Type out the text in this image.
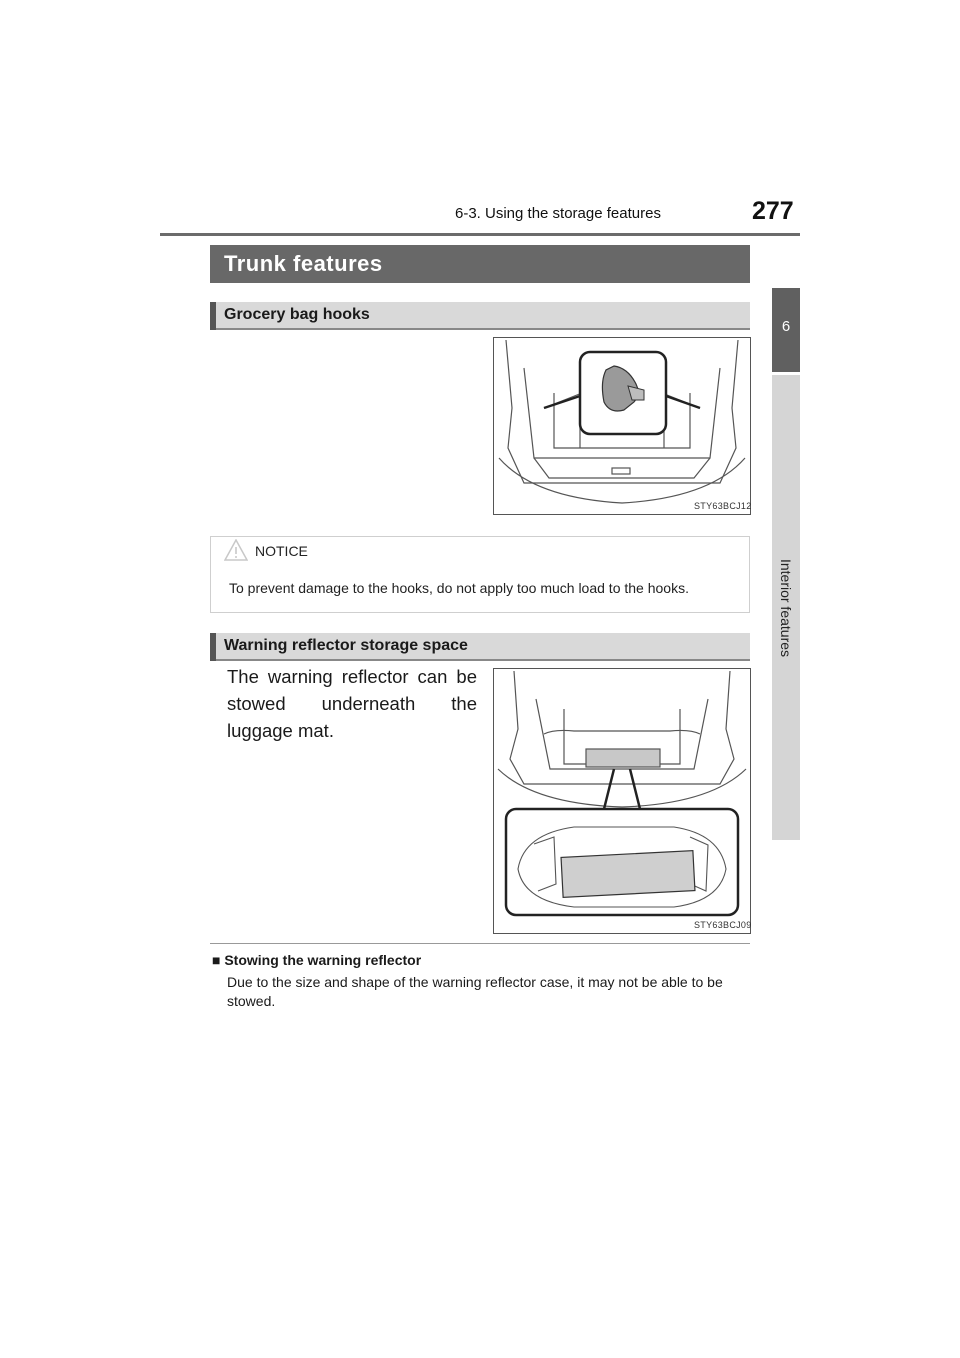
6-3. Using the storage features	277
6
Interior features
Trunk features
Grocery bag hooks
STY63BCJ12
NOTICE
To prevent damage to the hooks, do not apply too much load to the hooks.
Warning reflector storage space
The warning reflector can be stowed underneath the luggage mat.
STY63BCJ09
■ Stowing the warning reflector
Due to the size and shape of the warning reflector case, it may not be able to be stowed.
